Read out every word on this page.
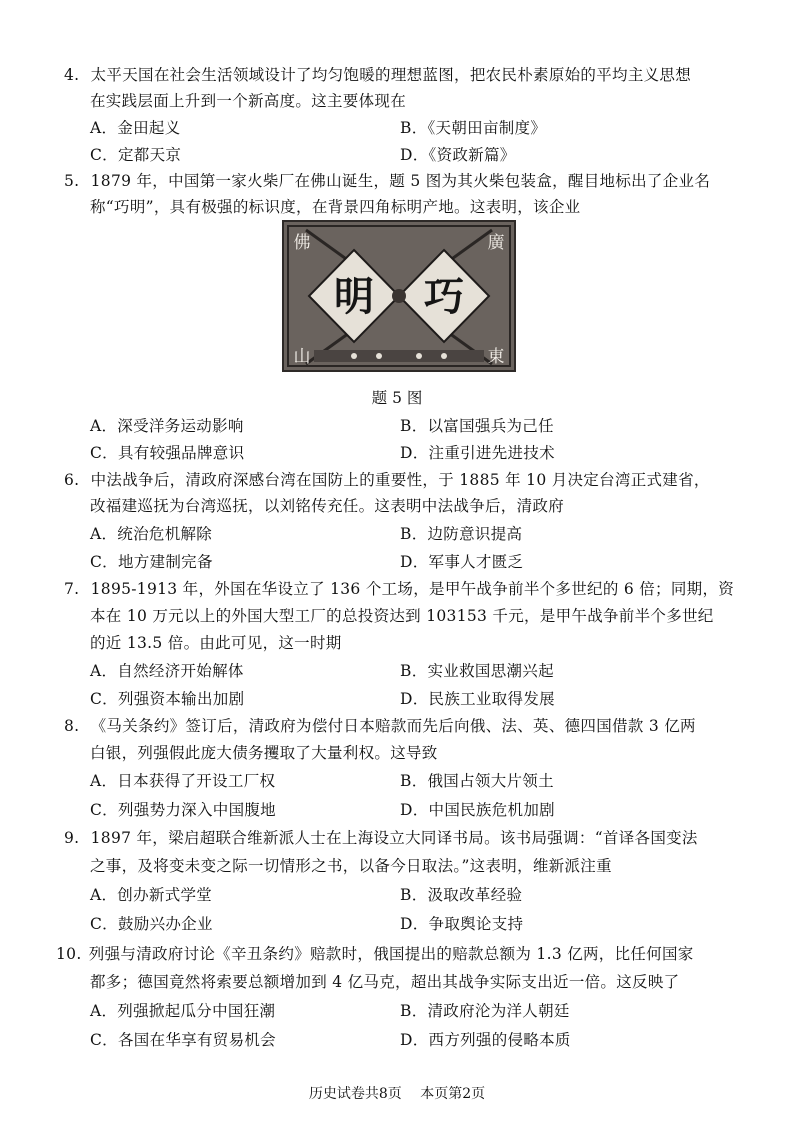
4. 太平天国在社会生活领域设计了均匀饱暖的理想蓝图，把农民朴素原始的平均主义思想
在实践层面上升到一个新高度。这主要体现在
A．金田起义	B．《天朝田亩制度》
C．定都天京	D．《资政新篇》
5. 1879 年，中国第一家火柴厂在佛山诞生，题 5 图为其火柴包装盒，醒目地标出了企业名
称“巧明”，具有极强的标识度，在背景四角标明产地。这表明，该企业
明 巧
佛	廣
山	東
题 5 图
A．深受洋务运动影响	B．以富国强兵为己任
C．具有较强品牌意识	D．注重引进先进技术
6. 中法战争后，清政府深感台湾在国防上的重要性，于 1885 年 10 月决定台湾正式建省，
改福建巡抚为台湾巡抚，以刘铭传充任。这表明中法战争后，清政府
A．统治危机解除	B．边防意识提高
C．地方建制完备	D．军事人才匮乏
7. 1895-1913 年，外国在华设立了 136 个工场，是甲午战争前半个多世纪的 6 倍；同期，资
本在 10 万元以上的外国大型工厂的总投资达到 103153 千元，是甲午战争前半个多世纪
的近 13.5 倍。由此可见，这一时期
A．自然经济开始解体	B．实业救国思潮兴起
C．列强资本输出加剧	D．民族工业取得发展
8. 《马关条约》签订后，清政府为偿付日本赔款而先后向俄、法、英、德四国借款 3 亿两
白银，列强假此庞大债务攫取了大量利权。这导致
A．日本获得了开设工厂权	B．俄国占领大片领土
C．列强势力深入中国腹地	D．中国民族危机加剧
9. 1897 年，梁启超联合维新派人士在上海设立大同译书局。该书局强调：“首译各国变法
之事，及将变未变之际一切情形之书，以备今日取法。”这表明，维新派注重
A．创办新式学堂	B．汲取改革经验
C．鼓励兴办企业	D．争取舆论支持
10. 列强与清政府讨论《辛丑条约》赔款时，俄国提出的赔款总额为 1.3 亿两，比任何国家
都多；德国竟然将索要总额增加到 4 亿马克，超出其战争实际支出近一倍。这反映了
A．列强掀起瓜分中国狂潮	B．清政府沦为洋人朝廷
C．各国在华享有贸易机会	D．西方列强的侵略本质
历史试卷共8页　 本页第2页
